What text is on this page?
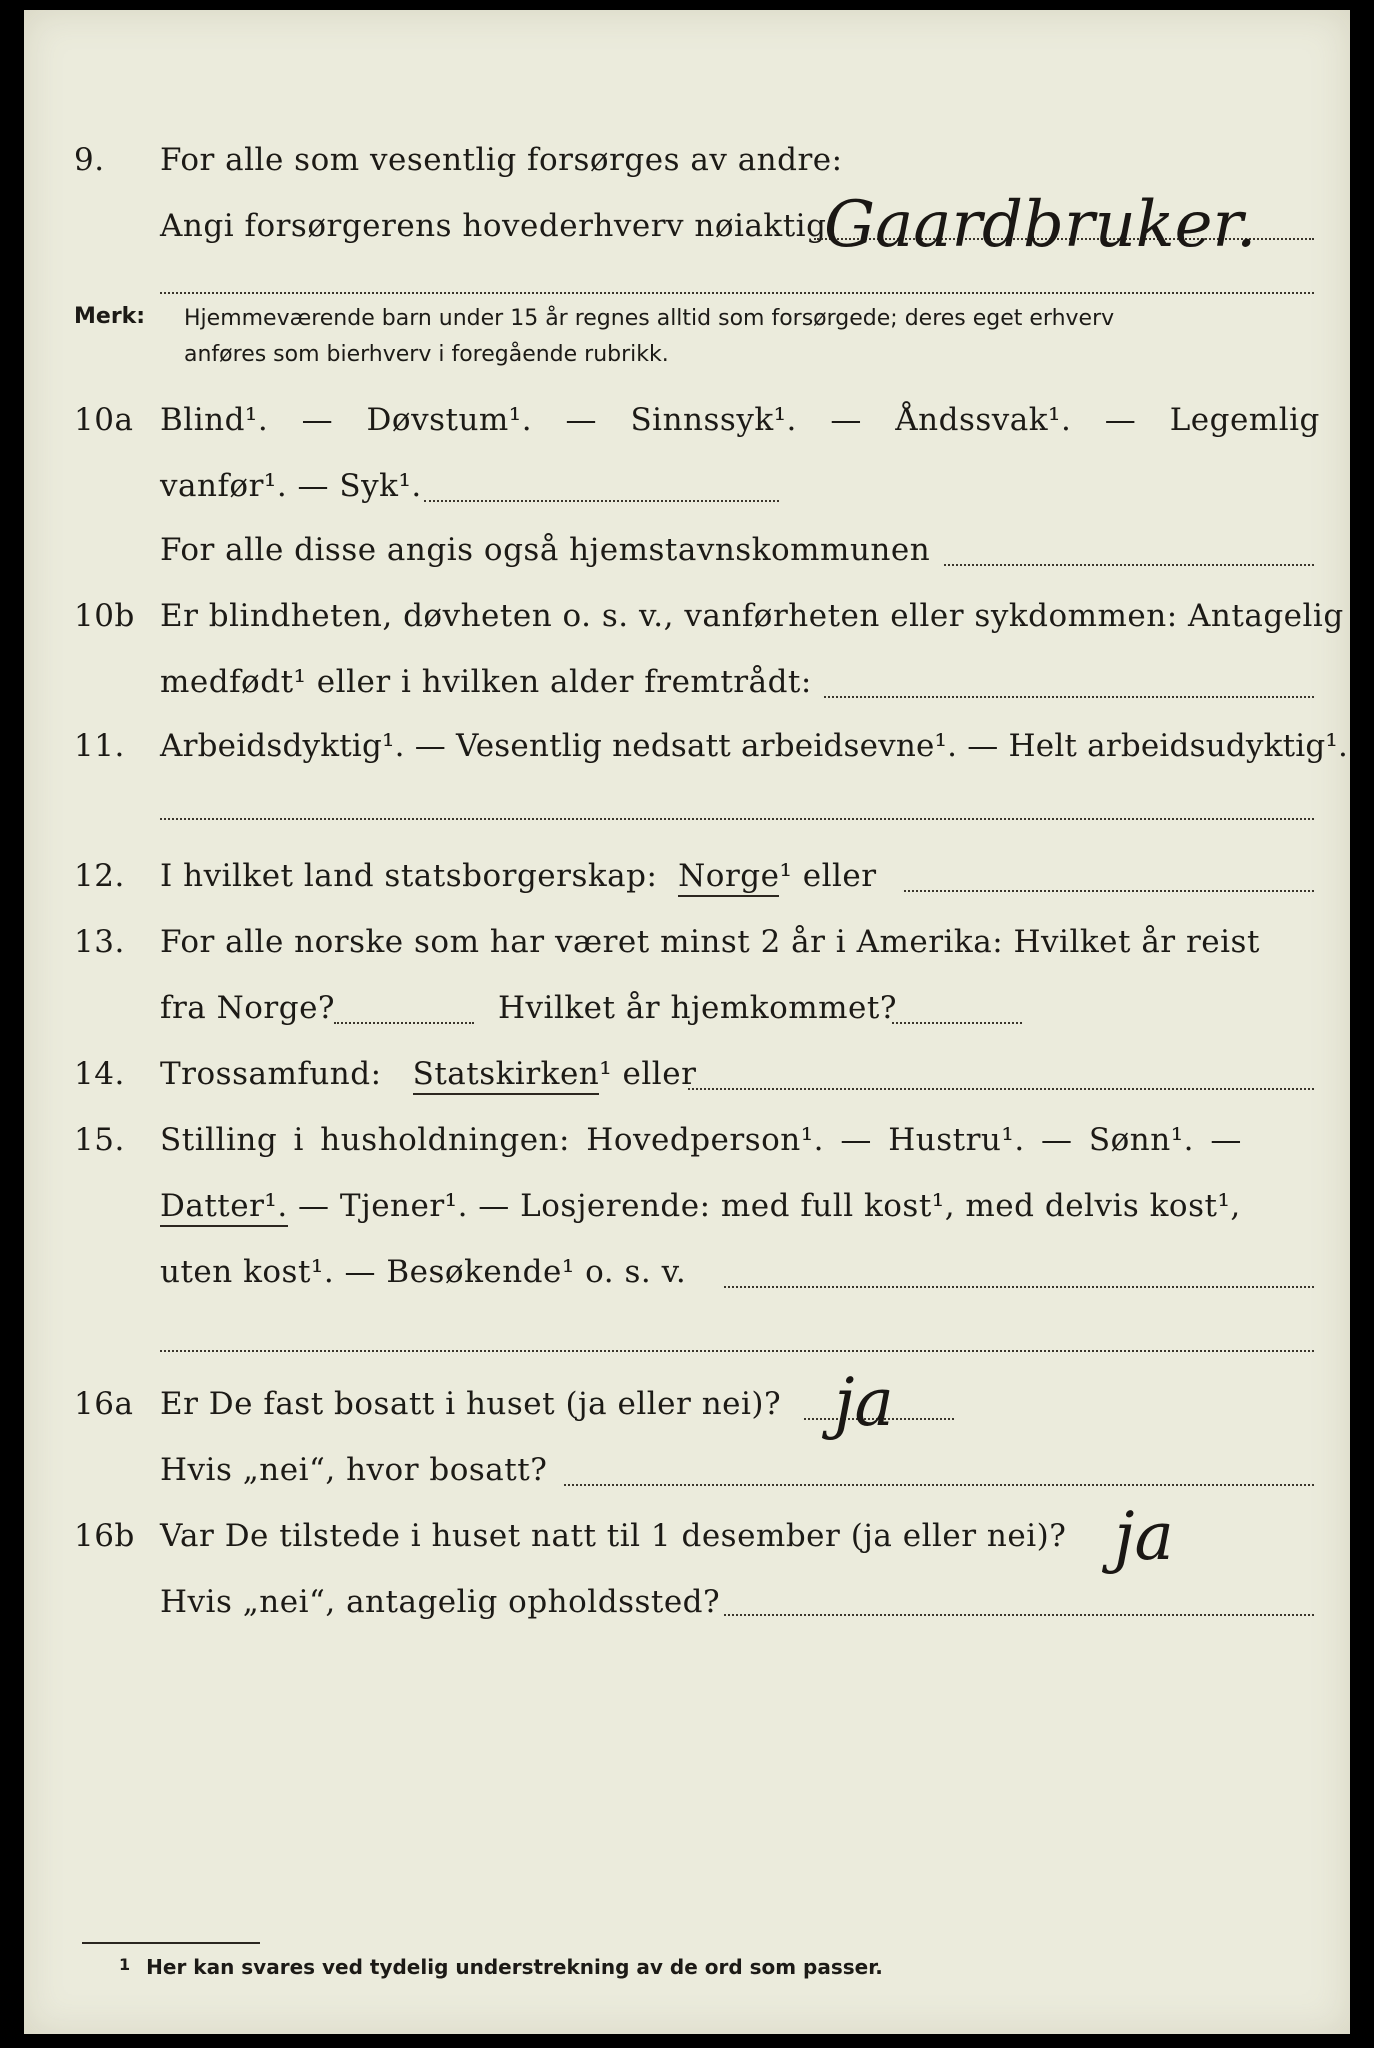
9.	For alle som vesentlig forsørges av andre:
Angi forsørgerens hovederhverv nøiaktig
Gaardbruker.
Merk: Hjemmeværende barn under 15 år regnes alltid som forsørgede; deres eget erhverv
anføres som bierhverv i foregående rubrikk.
10a Blind¹. — Døvstum¹. — Sinnssyk¹. — Åndssvak¹. — Legemlig
vanfør¹. — Syk¹.
For alle disse angis også hjemstavnskommunen
10b Er blindheten, døvheten o. s. v., vanførheten eller sykdommen: Antagelig
medfødt¹ eller i hvilken alder fremtrådt:
11.	Arbeidsdyktig¹. — Vesentlig nedsatt arbeidsevne¹. — Helt arbeidsudyktig¹.
12.	I hvilket land statsborgerskap: Norge¹ eller
13.	For alle norske som har været minst 2 år i Amerika: Hvilket år reist
fra Norge?	Hvilket år hjemkommet?
14.	Trossamfund: Statskirken¹ eller
15.	Stilling i husholdningen: Hovedperson¹. — Hustru¹. — Sønn¹. —
Datter¹. — Tjener¹. — Losjerende: med full kost¹, med delvis kost¹,
uten kost¹. — Besøkende¹ o. s. v.
16a Er De fast bosatt i huset (ja eller nei)? ja
Hvis „nei“, hvor bosatt?
16b Var De tilstede i huset natt til 1 desember (ja eller nei)? ja
Hvis „nei“, antagelig opholdssted?
$^1$ Her kan svares ved tydelig understrekning av de ord som passer.
